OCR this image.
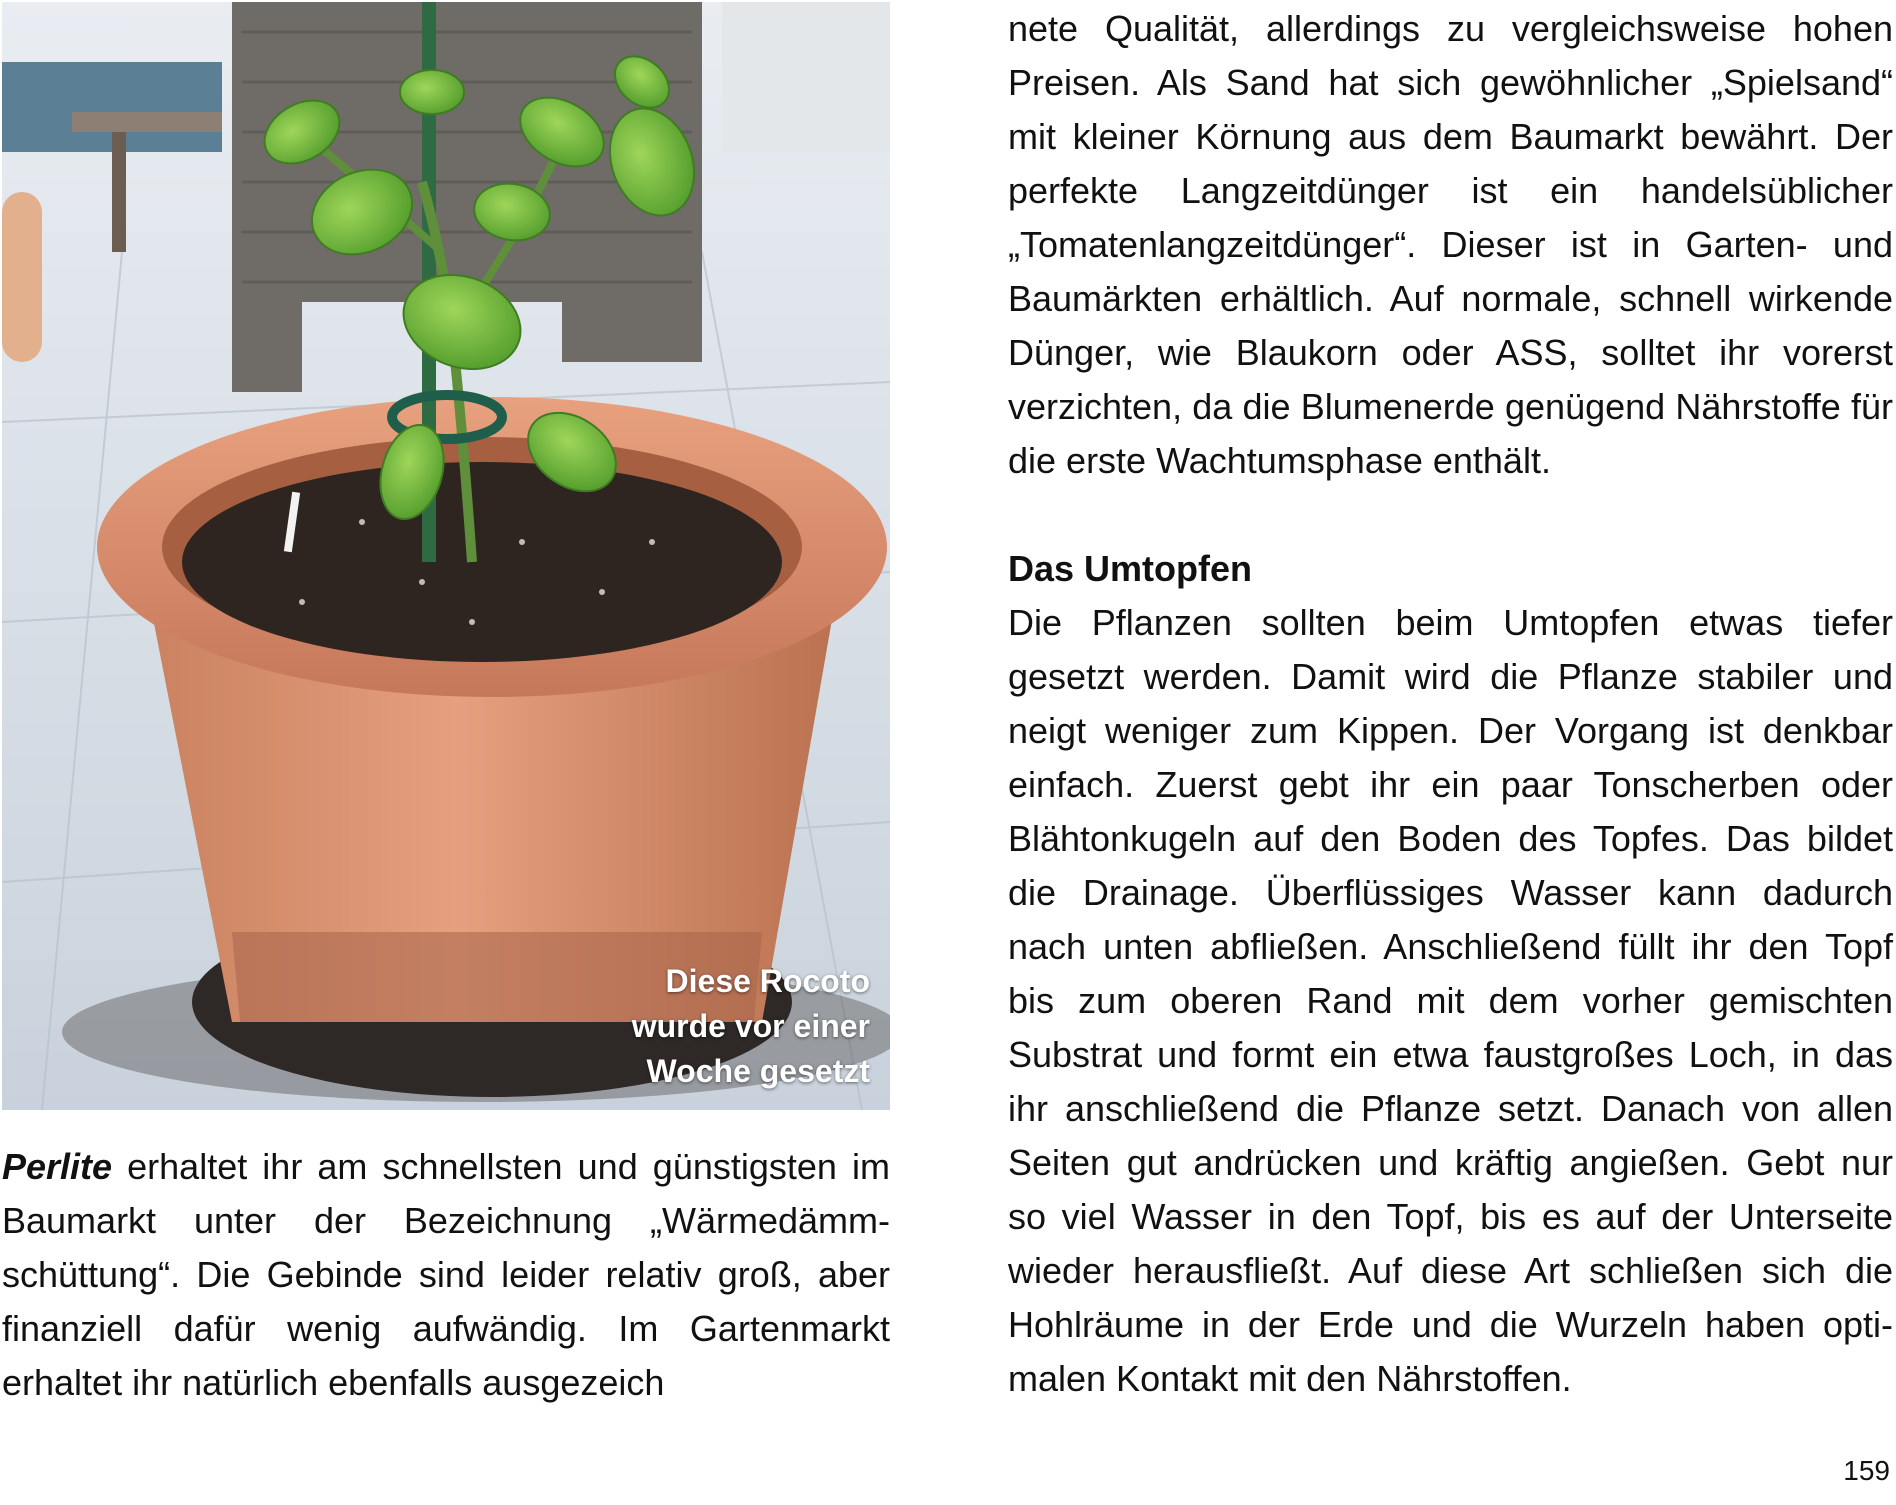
Diese Rocoto wurde vor einer Woche gesetzt

Perlite erhaltet ihr am schnellsten und günstigsten im Baumarkt unter der Bezeichnung „Wärmedämmschüttung“. Die Gebinde sind leider relativ groß, aber finanziell dafür wenig aufwändig. Im Gartenmarkt erhaltet ihr natürlich ebenfalls ausgezeich

nete Qualität, allerdings zu vergleichsweise hohen Preisen. Als Sand hat sich gewöhnlicher „Spielsand“ mit kleiner Körnung aus dem Baumarkt bewährt. Der perfekte Langzeitdünger ist ein handelsüblicher „Tomatenlangzeitdünger“. Dieser ist in Garten- und Baumärkten erhältlich. Auf normale, schnell wirkende Dünger, wie Blaukorn oder ASS, solltet ihr vorerst verzichten, da die Blumenerde genügend Nährstoffe für die erste Wachtumsphase enthält.

Das Umtopfen

Die Pflanzen sollten beim Umtopfen etwas tiefer gesetzt werden. Damit wird die Pflanze stabiler und neigt weniger zum Kippen. Der Vorgang ist denkbar einfach. Zuerst gebt ihr ein paar Tonscherben oder Blähtonkugeln auf den Boden des Topfes. Das bildet die Drainage. Überflüssiges Wasser kann dadurch nach unten abfließen. Anschließend füllt ihr den Topf bis zum oberen Rand mit dem vorher gemischten Substrat und formt ein etwa faustgroßes Loch, in das ihr anschließend die Pflanze setzt. Danach von allen Seiten gut andrücken und kräftig angießen. Gebt nur so viel Wasser in den Topf, bis es auf der Unterseite wieder herausfließt. Auf diese Art schließen sich die Hohlräume in der Erde und die Wurzeln haben optimalen Kontakt mit den Nährstoffen.

159
